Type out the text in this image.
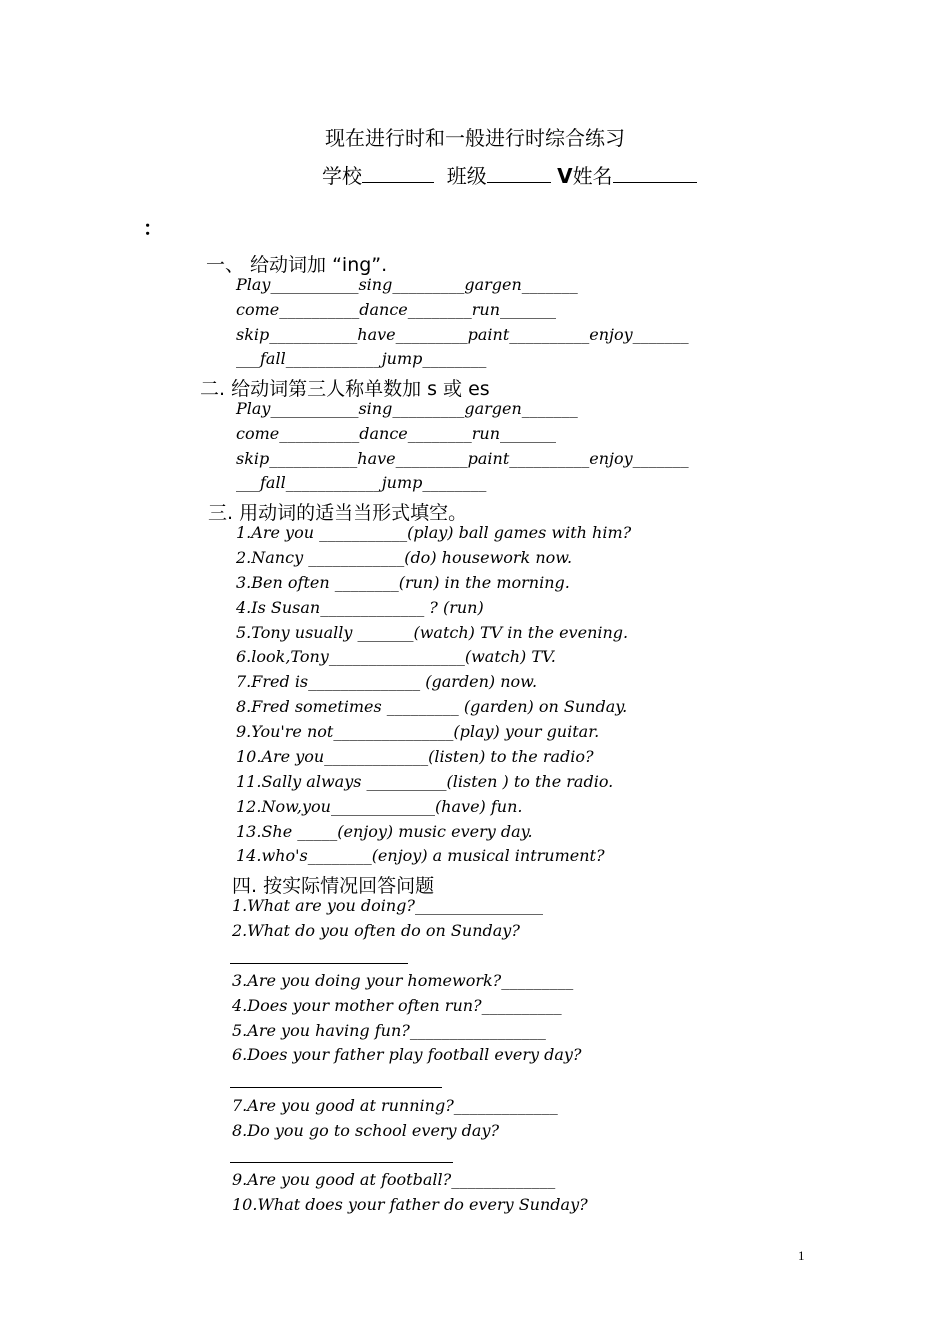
现在进行时和一般进行时综合练习
学校	班级	V姓名
：
一、 给动词加 “ing”.
Play___________sing_________gargen_______
come__________dance________run_______
skip___________have_________paint__________enjoy_______
___fall____________jump________
二. 给动词第三人称单数加 s 或 es
Play___________sing_________gargen_______
come__________dance________run_______
skip___________have_________paint__________enjoy_______
___fall____________jump________
三. 用动词的适当当形式填空。
1.Are you ___________(play) ball games with him?
2.Nancy ____________(do) housework now.
3.Ben often ________(run) in the morning.
4.Is Susan_____________ ? (run)
5.Tony usually _______(watch) TV in the evening.
6.look,Tony_________________(watch) TV.
7.Fred is______________ (garden) now.
8.Fred sometimes _________ (garden) on Sunday.
9.You're not_______________(play) your guitar.
10.Are you_____________(listen) to the radio?
11.Sally always __________(listen ) to the radio.
12.Now,you_____________(have) fun.
13.She _____(enjoy) music every day.
14.who's________(enjoy) a musical intrument?
四. 按实际情况回答问题
1.What are you doing?________________
2.What do you often do on Sunday?
3.Are you doing your homework?_________
4.Does your mother often run?__________
5.Are you having fun?_________________
6.Does your father play football every day?
7.Are you good at running?_____________
8.Do you go to school every day?
9.Are you good at football?_____________
10.What does your father do every Sunday?
1
